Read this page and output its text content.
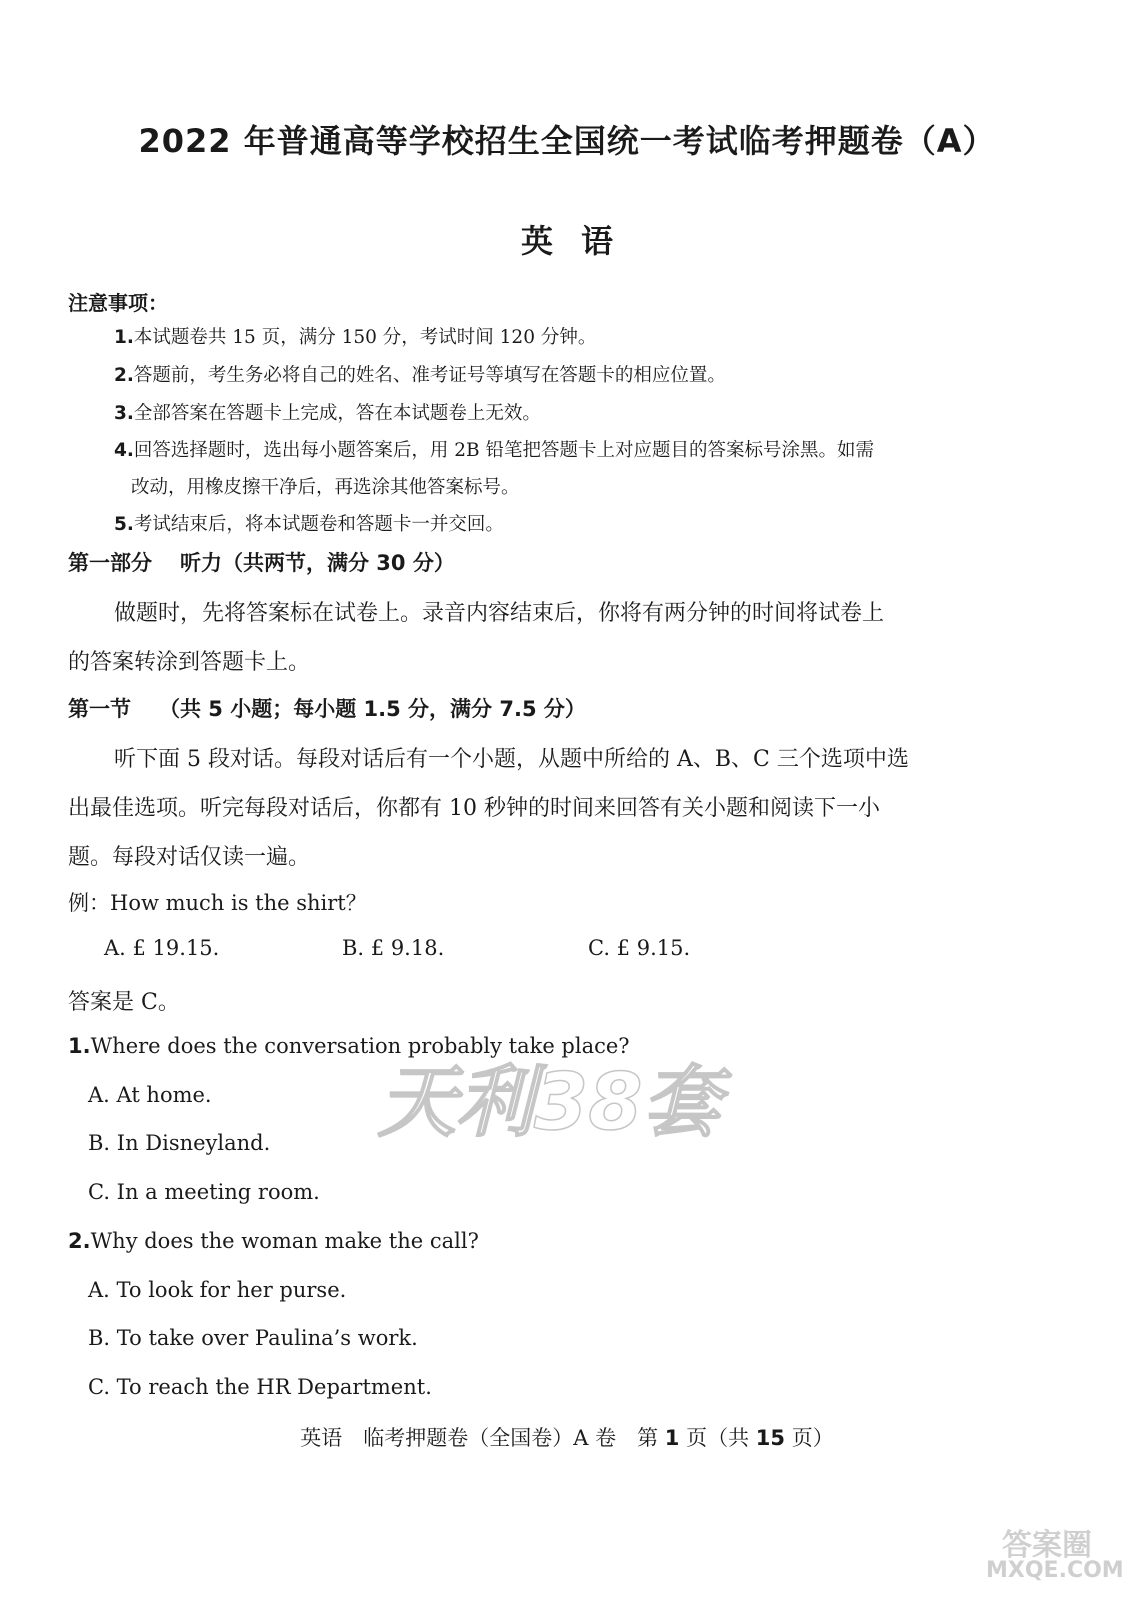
2022 年普通高等学校招生全国统一考试临考押题卷（A）
英语
注意事项：
1.本试题卷共 15 页，满分 150 分，考试时间 120 分钟。
2.答题前，考生务必将自己的姓名、准考证号等填写在答题卡的相应位置。
3.全部答案在答题卡上完成，答在本试题卷上无效。
4.回答选择题时，选出每小题答案后，用 2B 铅笔把答题卡上对应题目的答案标号涂黑。如需
改动，用橡皮擦干净后，再选涂其他答案标号。
5.考试结束后，将本试题卷和答题卡一并交回。
第一部分 听力（共两节，满分 30 分）
做题时，先将答案标在试卷上。录音内容结束后，你将有两分钟的时间将试卷上
的答案转涂到答题卡上。
第一节 （共 5 小题；每小题 1.5 分，满分 7.5 分）
听下面 5 段对话。每段对话后有一个小题，从题中所给的 A、B、C 三个选项中选
出最佳选项。听完每段对话后，你都有 10 秒钟的时间来回答有关小题和阅读下一小
题。每段对话仅读一遍。
例：How much is the shirt？
A. £ 19.15.	B. £ 9.18.	C. £ 9.15.
答案是 C。
1.Where does the conversation probably take place?
A. At home.
B. In Disneyland.
C. In a meeting room.
2.Why does the woman make the call?
A. To look for her purse.
B. To take over Paulina’s work.
C. To reach the HR Department.
英语　临考押题卷（全国卷）A 卷　第 1 页（共 15 页）
天利38套
答案圈
MXQE.COM
